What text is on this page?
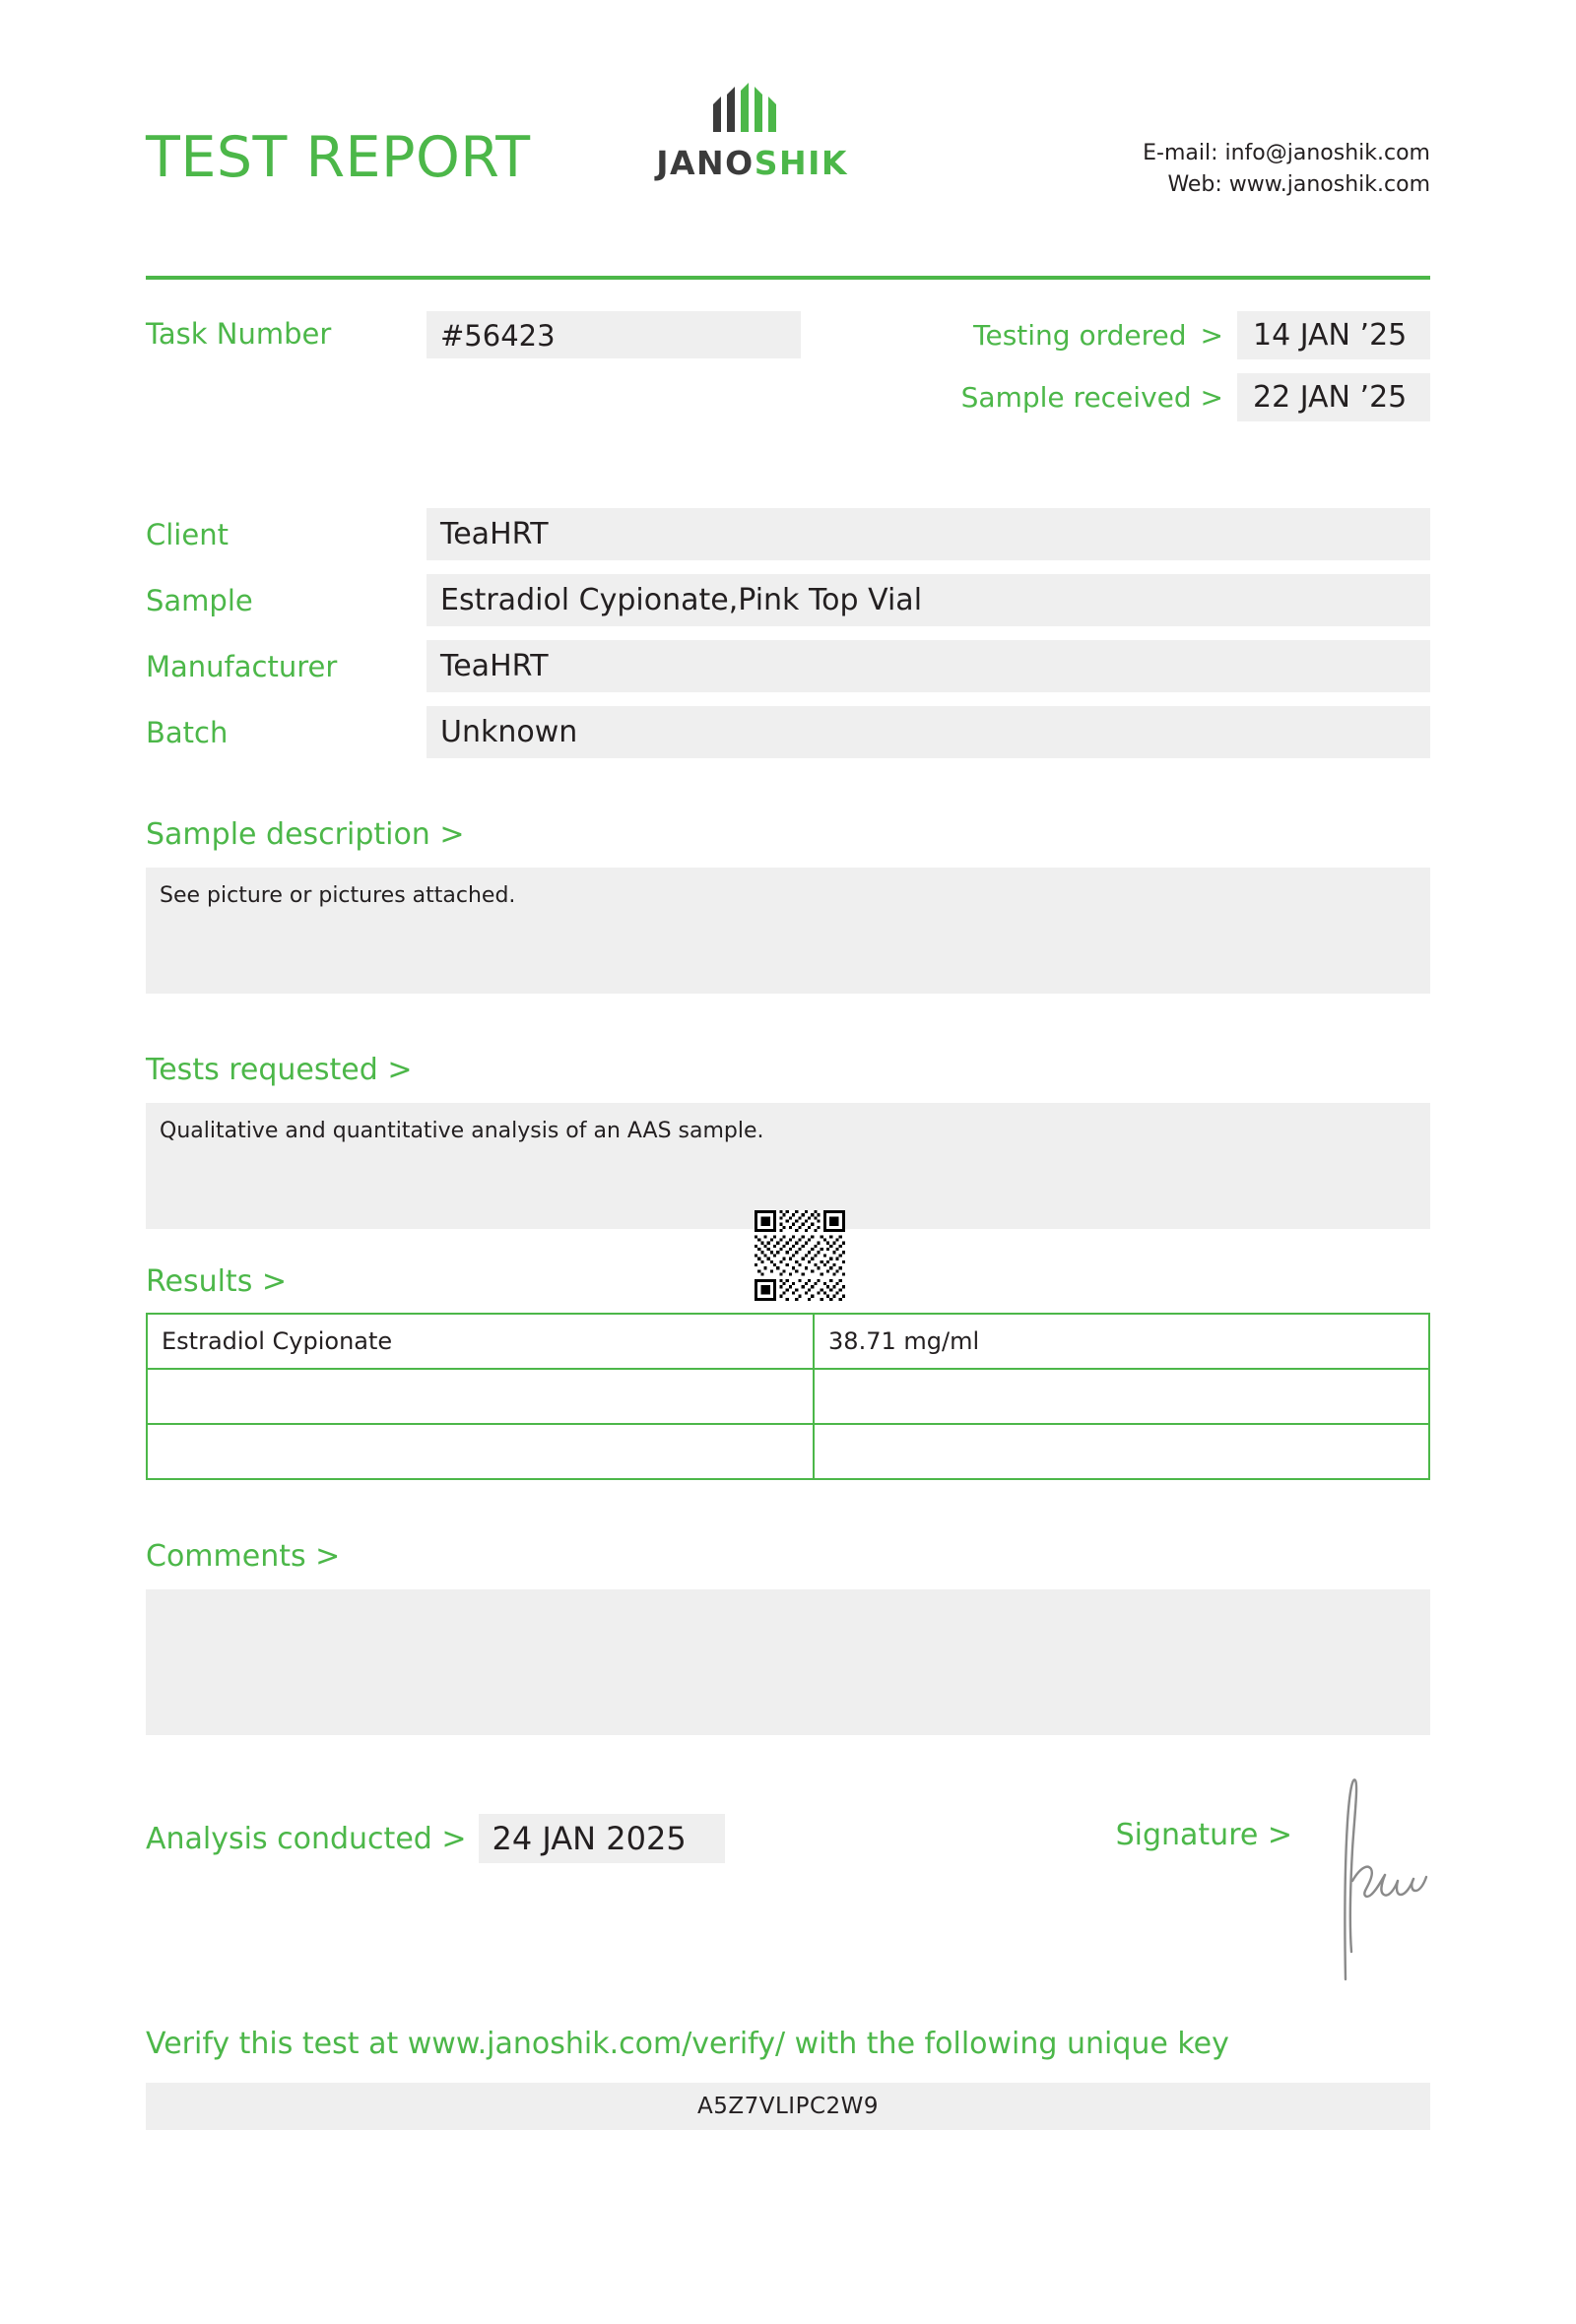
TEST REPORT	JANOSHIK	E-mail: info@janoshik.com
Web: www.janoshik.com
Task Number	#56423	Testing ordered >	14 JAN ’25
Sample received >	22 JAN ’25
Client	TeaHRT
Sample	Estradiol Cypionate,Pink Top Vial
Manufacturer	TeaHRT
Batch	Unknown
Sample description >
See picture or pictures attached.
Tests requested >
Qualitative and quantitative analysis of an AAS sample.
Results >
Estradiol Cypionate	38.71 mg/ml

Comments >
Analysis conducted > 24 JAN 2025	Signature >
Verify this test at www.janoshik.com/verify/ with the following unique key
A5Z7VLIPC2W9
